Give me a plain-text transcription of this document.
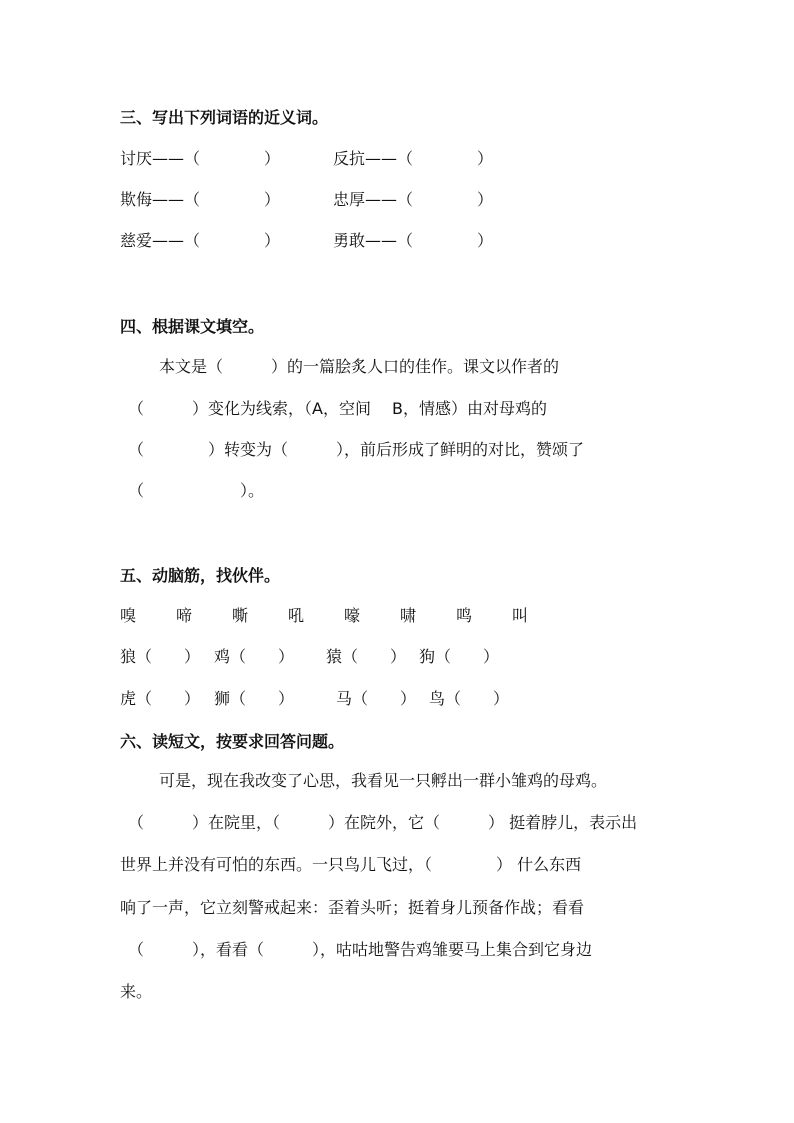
三、写出下列词语的近义词。
讨厌——（　　　　）	反抗——（　　　　）
欺侮——（　　　　）	忠厚——（　　　　）
慈爱——（　　　　）	勇敢——（　　　　）
四、根据课文填空。
本文是（　　　）的一篇脍炙人口的佳作。课文以作者的
（　　　）变化为线索，（A，空间　 B，情感）由对母鸡的
（　　　　）转变为（　　　），前后形成了鲜明的对比，赞颂了
（　　　　　　）。
五、动脑筋，找伙伴。
嗅 啼 嘶 吼 嚎 啸 鸣 叫
狼（　　） 鸡（　　） 猿（　　） 狗（　　）
虎（　　） 狮（　　）	马（　　） 鸟（　　）
六、读短文，按要求回答问题。
可是，现在我改变了心思，我看见一只孵出一群小雏鸡的母鸡。
（　　　）在院里，（　　　）在院外，它（　　　） 挺着脖儿，表示出
世界上并没有可怕的东西。一只鸟儿飞过，（　　　　） 什么东西
响了一声，它立刻警戒起来：歪着头听；挺着身儿预备作战；看看
（　　　），看看（　　　），咕咕地警告鸡雏要马上集合到它身边
来。
